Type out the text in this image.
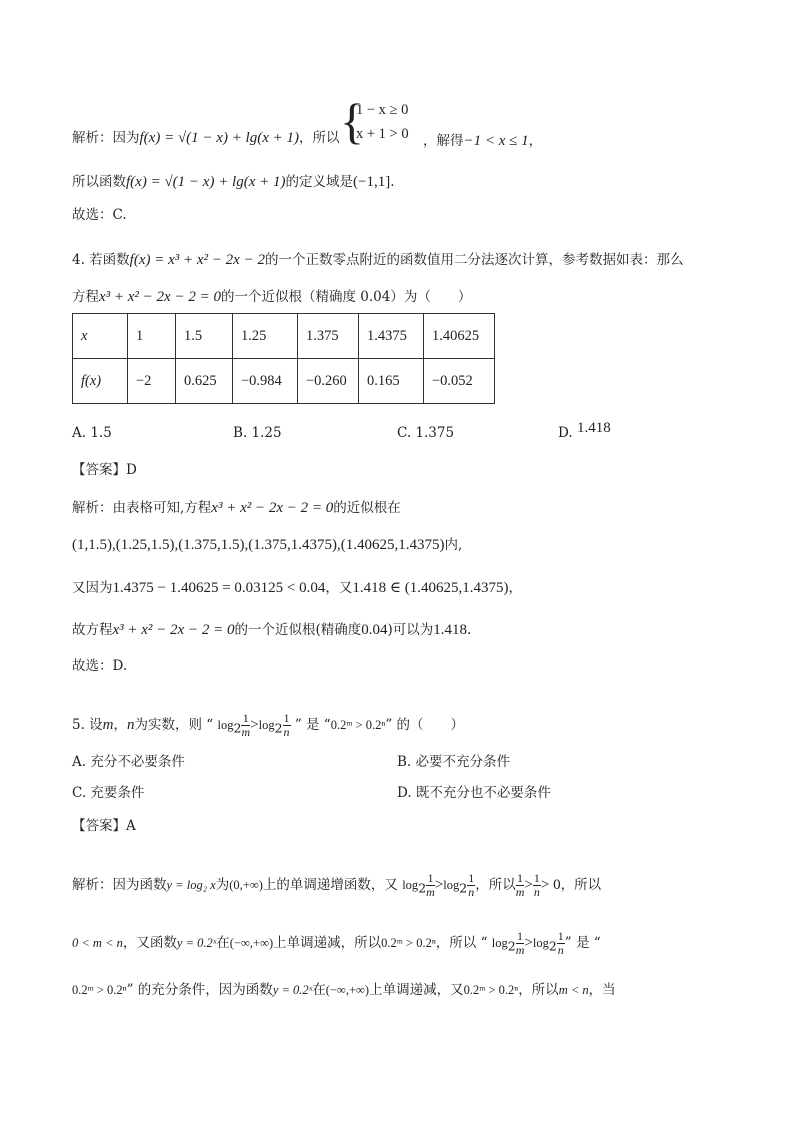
解析：因为f(x) = √(1 − x) + lg(x + 1)，所以 {
1 − x ≥ 0
x + 1 > 0 ，解得−1 < x ≤ 1，
所以函数f(x) = √(1 − x) + lg(x + 1)的定义域是(−1,1].
故选：C.
4. 若函数f(x) = x³ + x² − 2x − 2的一个正数零点附近的函数值用二分法逐次计算，参考数据如表：那么
方程x³ + x² − 2x − 2 = 0的一个近似根（精确度 0.04）为（　　）
x	1	1.5	1.25	1.375	1.4375	1.40625
f(x)	−2	0.625	−0.984	−0.260	0.165	−0.052
A. 1.5	B. 1.25	C. 1.375	D. 1.418
【答案】D
解析：由表格可知,方程x³ + x² − 2x − 2 = 0的近似根在
(1,1.5),(1.25,1.5),(1.375,1.5),(1.375,1.4375),(1.40625,1.4375)内,
又因为1.4375 − 1.40625 = 0.03125 < 0.04，又1.418 ∈ (1.40625,1.4375)，
故方程x³ + x² − 2x − 2 = 0的一个近似根(精确度0.04)可以为1.418.
故选：D.
5. 设m，n为实数，则 “ $\log_2 \frac{1}{m} >\log_2 \frac{1}{n}$ ” 是 “0.2ᵐ > 0.2ⁿ” 的（　　）
A. 充分不必要条件	B. 必要不充分条件
C. 充要条件	D. 既不充分也不必要条件
【答案】A
解析：因为函数y = log₂ x为(0,+∞)上的单调递增函数，又 $\log_2 \frac{1}{m} >\log_2 \frac{1}{n}$ ，所以 $\frac{1}{m} > \frac{1}{n} > 0$，所以
0 < m < n，又函数y = 0.2ˣ在(−∞,+∞)上单调递减，所以0.2ᵐ > 0.2ⁿ，所以 “ $\log_2 \frac{1}{m} >\log_2 \frac{1}{n}$ ” 是 “
0.2ᵐ > 0.2ⁿ” 的充分条件，因为函数y = 0.2ˣ在(−∞,+∞)上单调递减，又0.2ᵐ > 0.2ⁿ，所以m < n，当
